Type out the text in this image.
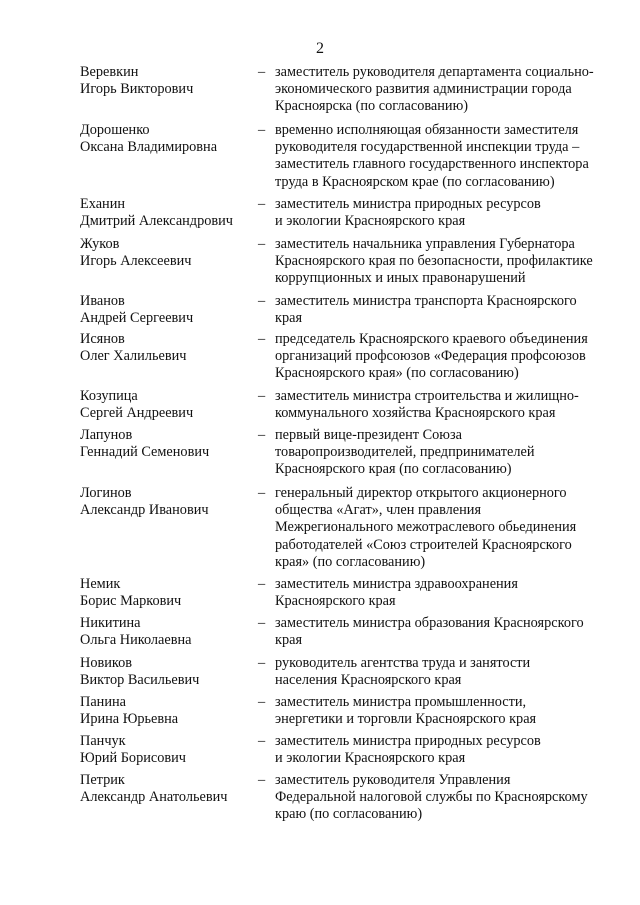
2
Веревкин
Игорь Викторович
– заместитель руководителя департамента социально-
экономического развития администрации города
Красноярска (по согласованию)
Дорошенко
Оксана Владимировна
– временно исполняющая обязанности заместителя
руководителя государственной инспекции труда –
заместитель главного государственного инспектора
труда в Красноярском крае (по согласованию)
Еханин
Дмитрий Александрович
– заместитель министра природных ресурсов
и экологии Красноярского края
Жуков
Игорь Алексеевич
– заместитель начальника управления Губернатора
Красноярского края по безопасности, профилактике
коррупционных и иных правонарушений
Иванов
Андрей Сергеевич
– заместитель министра транспорта Красноярского
края
Исянов
Олег Халильевич
– председатель Красноярского краевого объединения
организаций профсоюзов «Федерация профсоюзов
Красноярского края» (по согласованию)
Козупица
Сергей Андреевич
– заместитель министра строительства и жилищно-
коммунального хозяйства Красноярского края
Лапунов
Геннадий Семенович
– первый вице-президент Союза
товаропроизводителей, предпринимателей
Красноярского края (по согласованию)
Логинов
Александр Иванович
– генеральный директор открытого акционерного
общества «Агат», член правления
Межрегионального межотраслевого обьединения
работодателей «Союз строителей Красноярского
края» (по согласованию)
Немик
Борис Маркович
– заместитель министра здравоохранения
Красноярского края
Никитина
Ольга Николаевна
– заместитель министра образования Красноярского
края
Новиков
Виктор Васильевич
– руководитель агентства труда и занятости
населения Красноярского края
Панина
Ирина Юрьевна
– заместитель министра промышленности,
энергетики и торговли Красноярского края
Панчук
Юрий Борисович
– заместитель министра природных ресурсов
и экологии Красноярского края
Петрик
Александр Анатольевич
– заместитель руководителя Управления
Федеральной налоговой службы по Красноярскому
краю (по согласованию)
